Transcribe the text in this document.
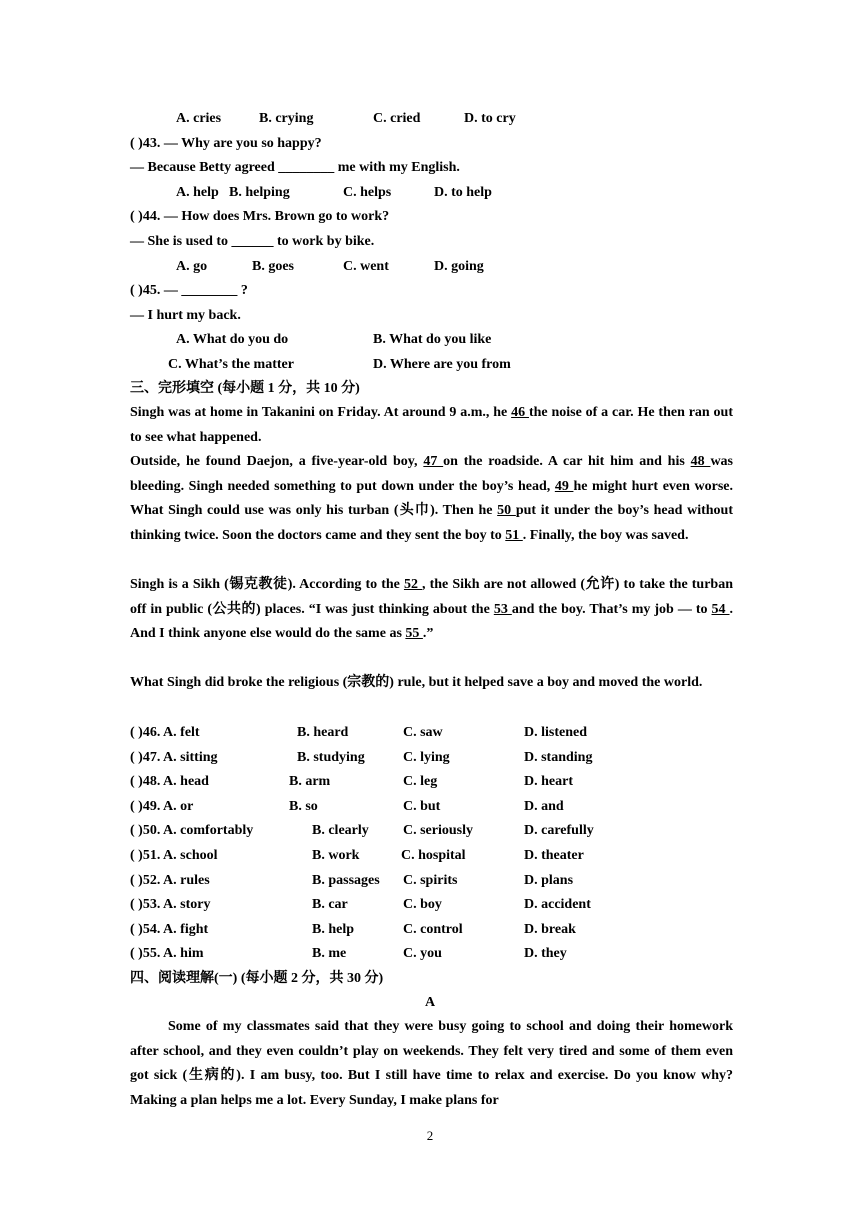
A. cries	B. crying	C. cried	D. to cry
( )43. — Why are you so happy?
— Because Betty agreed ________ me with my English.
A. help B. helping	C. helps	D. to help
( )44. — How does Mrs. Brown go to work?
— She is used to ______ to work by bike.
A. go	B. goes	C. went	D. going
( )45. — ________ ?
— I hurt my back.
A. What do you do	B. What do you like
C. What’s the matter	D. Where are you from
三、完形填空 (每小题 1 分，共 10 分)
Singh was at home in Takanini on Friday. At around 9 a.m., he 46 the noise of a car. He then ran out to see what happened.
Outside, he found Daejon, a five-year-old boy, 47 on the roadside. A car hit him and his 48 was bleeding. Singh needed something to put down under the boy’s head, 49 he might hurt even worse. What Singh could use was only his turban (头巾). Then he 50 put it under the boy’s head without thinking twice. Soon the doctors came and they sent the boy to 51 . Finally, the boy was saved.
Singh is a Sikh (锡克教徒). According to the 52 , the Sikh are not allowed (允许) to take the turban off in public (公共的) places. “I was just thinking about the 53 and the boy. That’s my job — to 54 . And I think anyone else would do the same as 55 .”
What Singh did broke the religious (宗教的) rule, but it helped save a boy and moved the world.
( )46. A. felt	B. heard	C. saw	D. listened
( )47. A. sitting	B. studying	C. lying	D. standing
( )48. A. head	B. arm	C. leg	D. heart
( )49. A. or	B. so	C. but	D. and
( )50. A. comfortably	B. clearly C. seriously	D. carefully
( )51. A. school	B. work	C. hospital	D. theater
( )52. A. rules	B. passages C. spirits	D. plans
( )53. A. story	B. car	C. boy	D. accident
( )54. A. fight	B. help	C. control	D. break
( )55. A. him	B. me	C. you	D. they
四、阅读理解(一) (每小题 2 分，共 30 分)
A
Some of my classmates said that they were busy going to school and doing their homework after school, and they even couldn’t play on weekends. They felt very tired and some of them even got sick (生病的). I am busy, too. But I still have time to relax and exercise. Do you know why? Making a plan helps me a lot. Every Sunday, I make plans for
2
